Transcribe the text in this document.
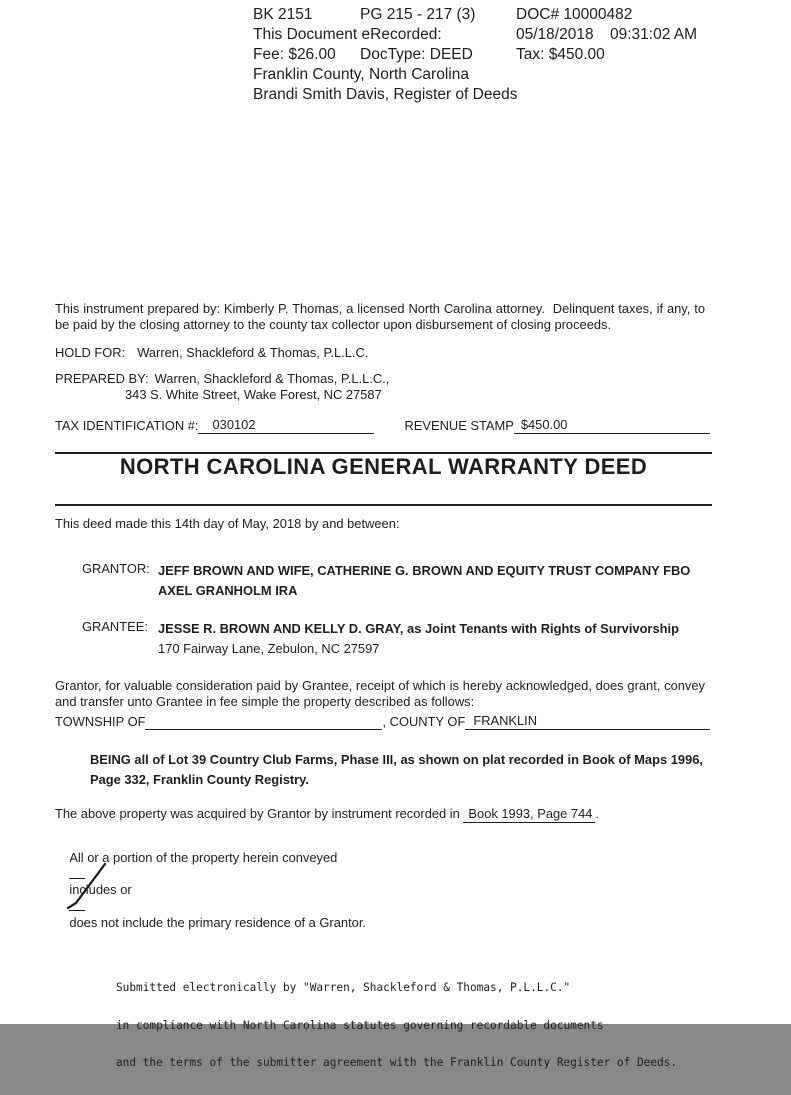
BK 2151	PG 215 - 217 (3)	DOC# 10000482
This Document eRecorded:	05/18/2018 09:31:02 AM
Fee: $26.00 DocType: DEED	Tax: $450.00
Franklin County, North Carolina
Brandi Smith Davis, Register of Deeds
This instrument prepared by: Kimberly P. Thomas, a licensed North Carolina attorney.  Delinquent taxes, if any, to be paid by the closing attorney to the county tax collector upon disbursement of closing proceeds.
HOLD FOR: Warren, Shackleford & Thomas, P.L.L.C.
PREPARED BY: Warren, Shackleford & Thomas, P.L.L.C.,
343 S. White Street, Wake Forest, NC 27587
TAX IDENTIFICATION #:	030102	REVENUE STAMP $450.00
NORTH CAROLINA GENERAL WARRANTY DEED
This deed made this 14th day of May, 2018 by and between:
GRANTOR: JEFF BROWN AND WIFE, CATHERINE G. BROWN AND EQUITY TRUST COMPANY FBO
AXEL GRANHOLM IRA
GRANTEE: JESSE R. BROWN AND KELLY D. GRAY, as Joint Tenants with Rights of Survivorship
170 Fairway Lane, Zebulon, NC 27597
Grantor, for valuable consideration paid by Grantee, receipt of which is hereby acknowledged, does grant, convey and transfer unto Grantee in fee simple the property described as follows:
TOWNSHIP OF	, COUNTY OF FRANKLIN
BEING all of Lot 39 Country Club Farms, Phase III, as shown on plat recorded in Book of Maps 1996, Page 332, Franklin County Registry.
The above property was acquired by Grantor by instrument recorded in Book 1993, Page 744 .

All or a portion of the property herein conveyed

includes or

does not include the primary residence of a Grantor.

Submitted electronically by "Warren, Shackleford & Thomas, P.L.L.C."

in compliance with North Carolina statutes governing recordable documents

and the terms of the submitter agreement with the Franklin County Register of Deeds.
